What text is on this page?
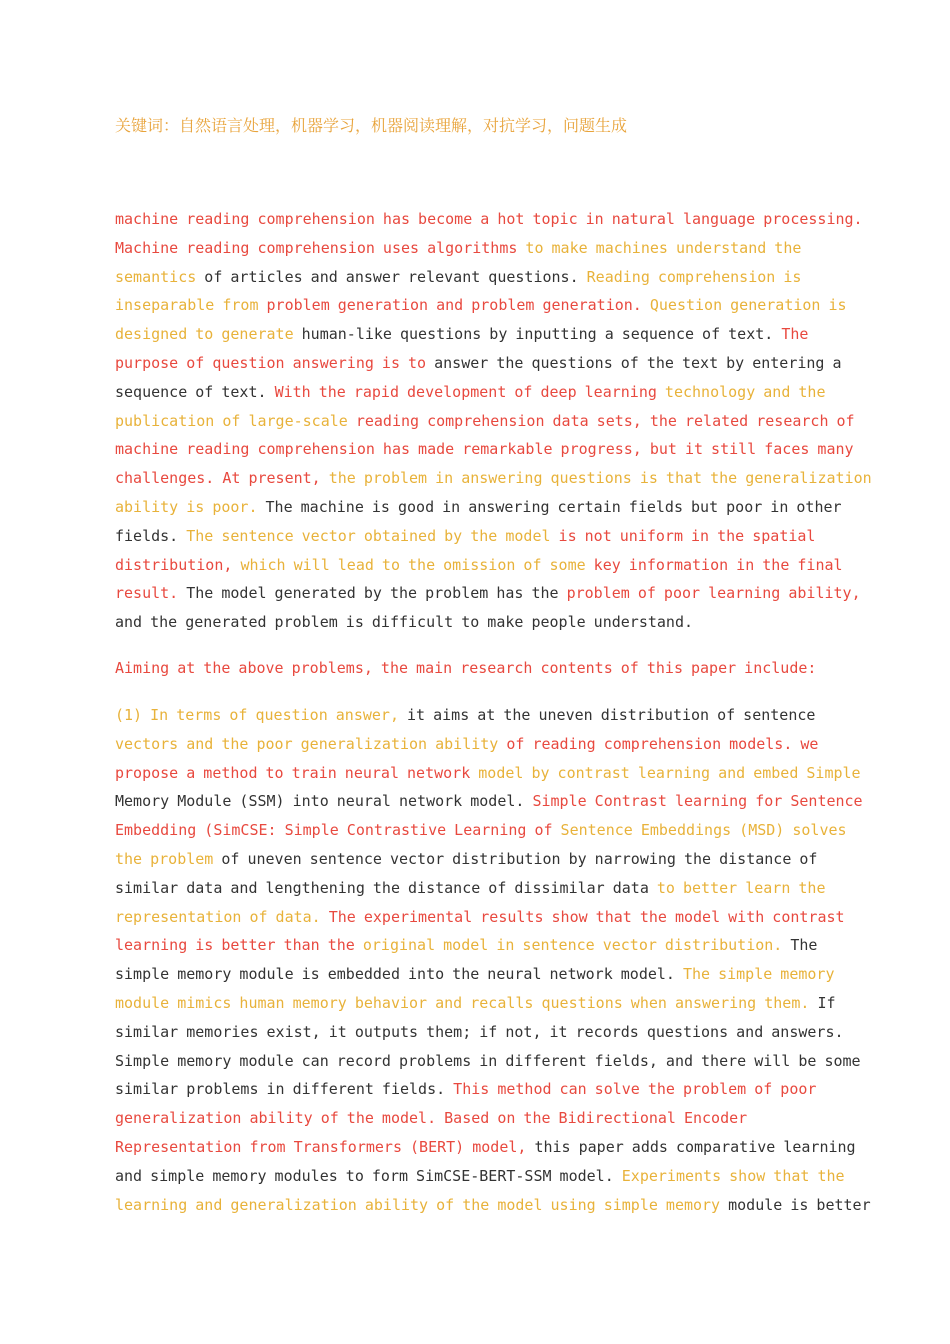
关键词：自然语言处理，机器学习，机器阅读理解，对抗学习，问题生成
machine reading comprehension has become a hot topic in natural language processing.
Machine reading comprehension uses algorithms to make machines understand the
semantics of articles and answer relevant questions. Reading comprehension is
inseparable from problem generation and problem generation. Question generation is
designed to generate human-like questions by inputting a sequence of text. The
purpose of question answering is to answer the questions of the text by entering a
sequence of text. With the rapid development of deep learning technology and the
publication of large-scale reading comprehension data sets, the related research of
machine reading comprehension has made remarkable progress, but it still faces many
challenges. At present, the problem in answering questions is that the generalization
ability is poor. The machine is good in answering certain fields but poor in other
fields. The sentence vector obtained by the model is not uniform in the spatial
distribution, which will lead to the omission of some key information in the final
result. The model generated by the problem has the problem of poor learning ability,
and the generated problem is difficult to make people understand.
Aiming at the above problems, the main research contents of this paper include:
(1) In terms of question answer, it aims at the uneven distribution of sentence
vectors and the poor generalization ability of reading comprehension models. we
propose a method to train neural network model by contrast learning and embed Simple
Memory Module (SSM) into neural network model. Simple Contrast learning for Sentence
Embedding (SimCSE: Simple Contrastive Learning of Sentence Embeddings (MSD) solves
the problem of uneven sentence vector distribution by narrowing the distance of
similar data and lengthening the distance of dissimilar data to better learn the
representation of data. The experimental results show that the model with contrast
learning is better than the original model in sentence vector distribution. The
simple memory module is embedded into the neural network model. The simple memory
module mimics human memory behavior and recalls questions when answering them. If
similar memories exist, it outputs them; if not, it records questions and answers.
Simple memory module can record problems in different fields, and there will be some
similar problems in different fields. This method can solve the problem of poor
generalization ability of the model. Based on the Bidirectional Encoder
Representation from Transformers (BERT) model, this paper adds comparative learning
and simple memory modules to form SimCSE-BERT-SSM model. Experiments show that the
learning and generalization ability of the model using simple memory module is better
